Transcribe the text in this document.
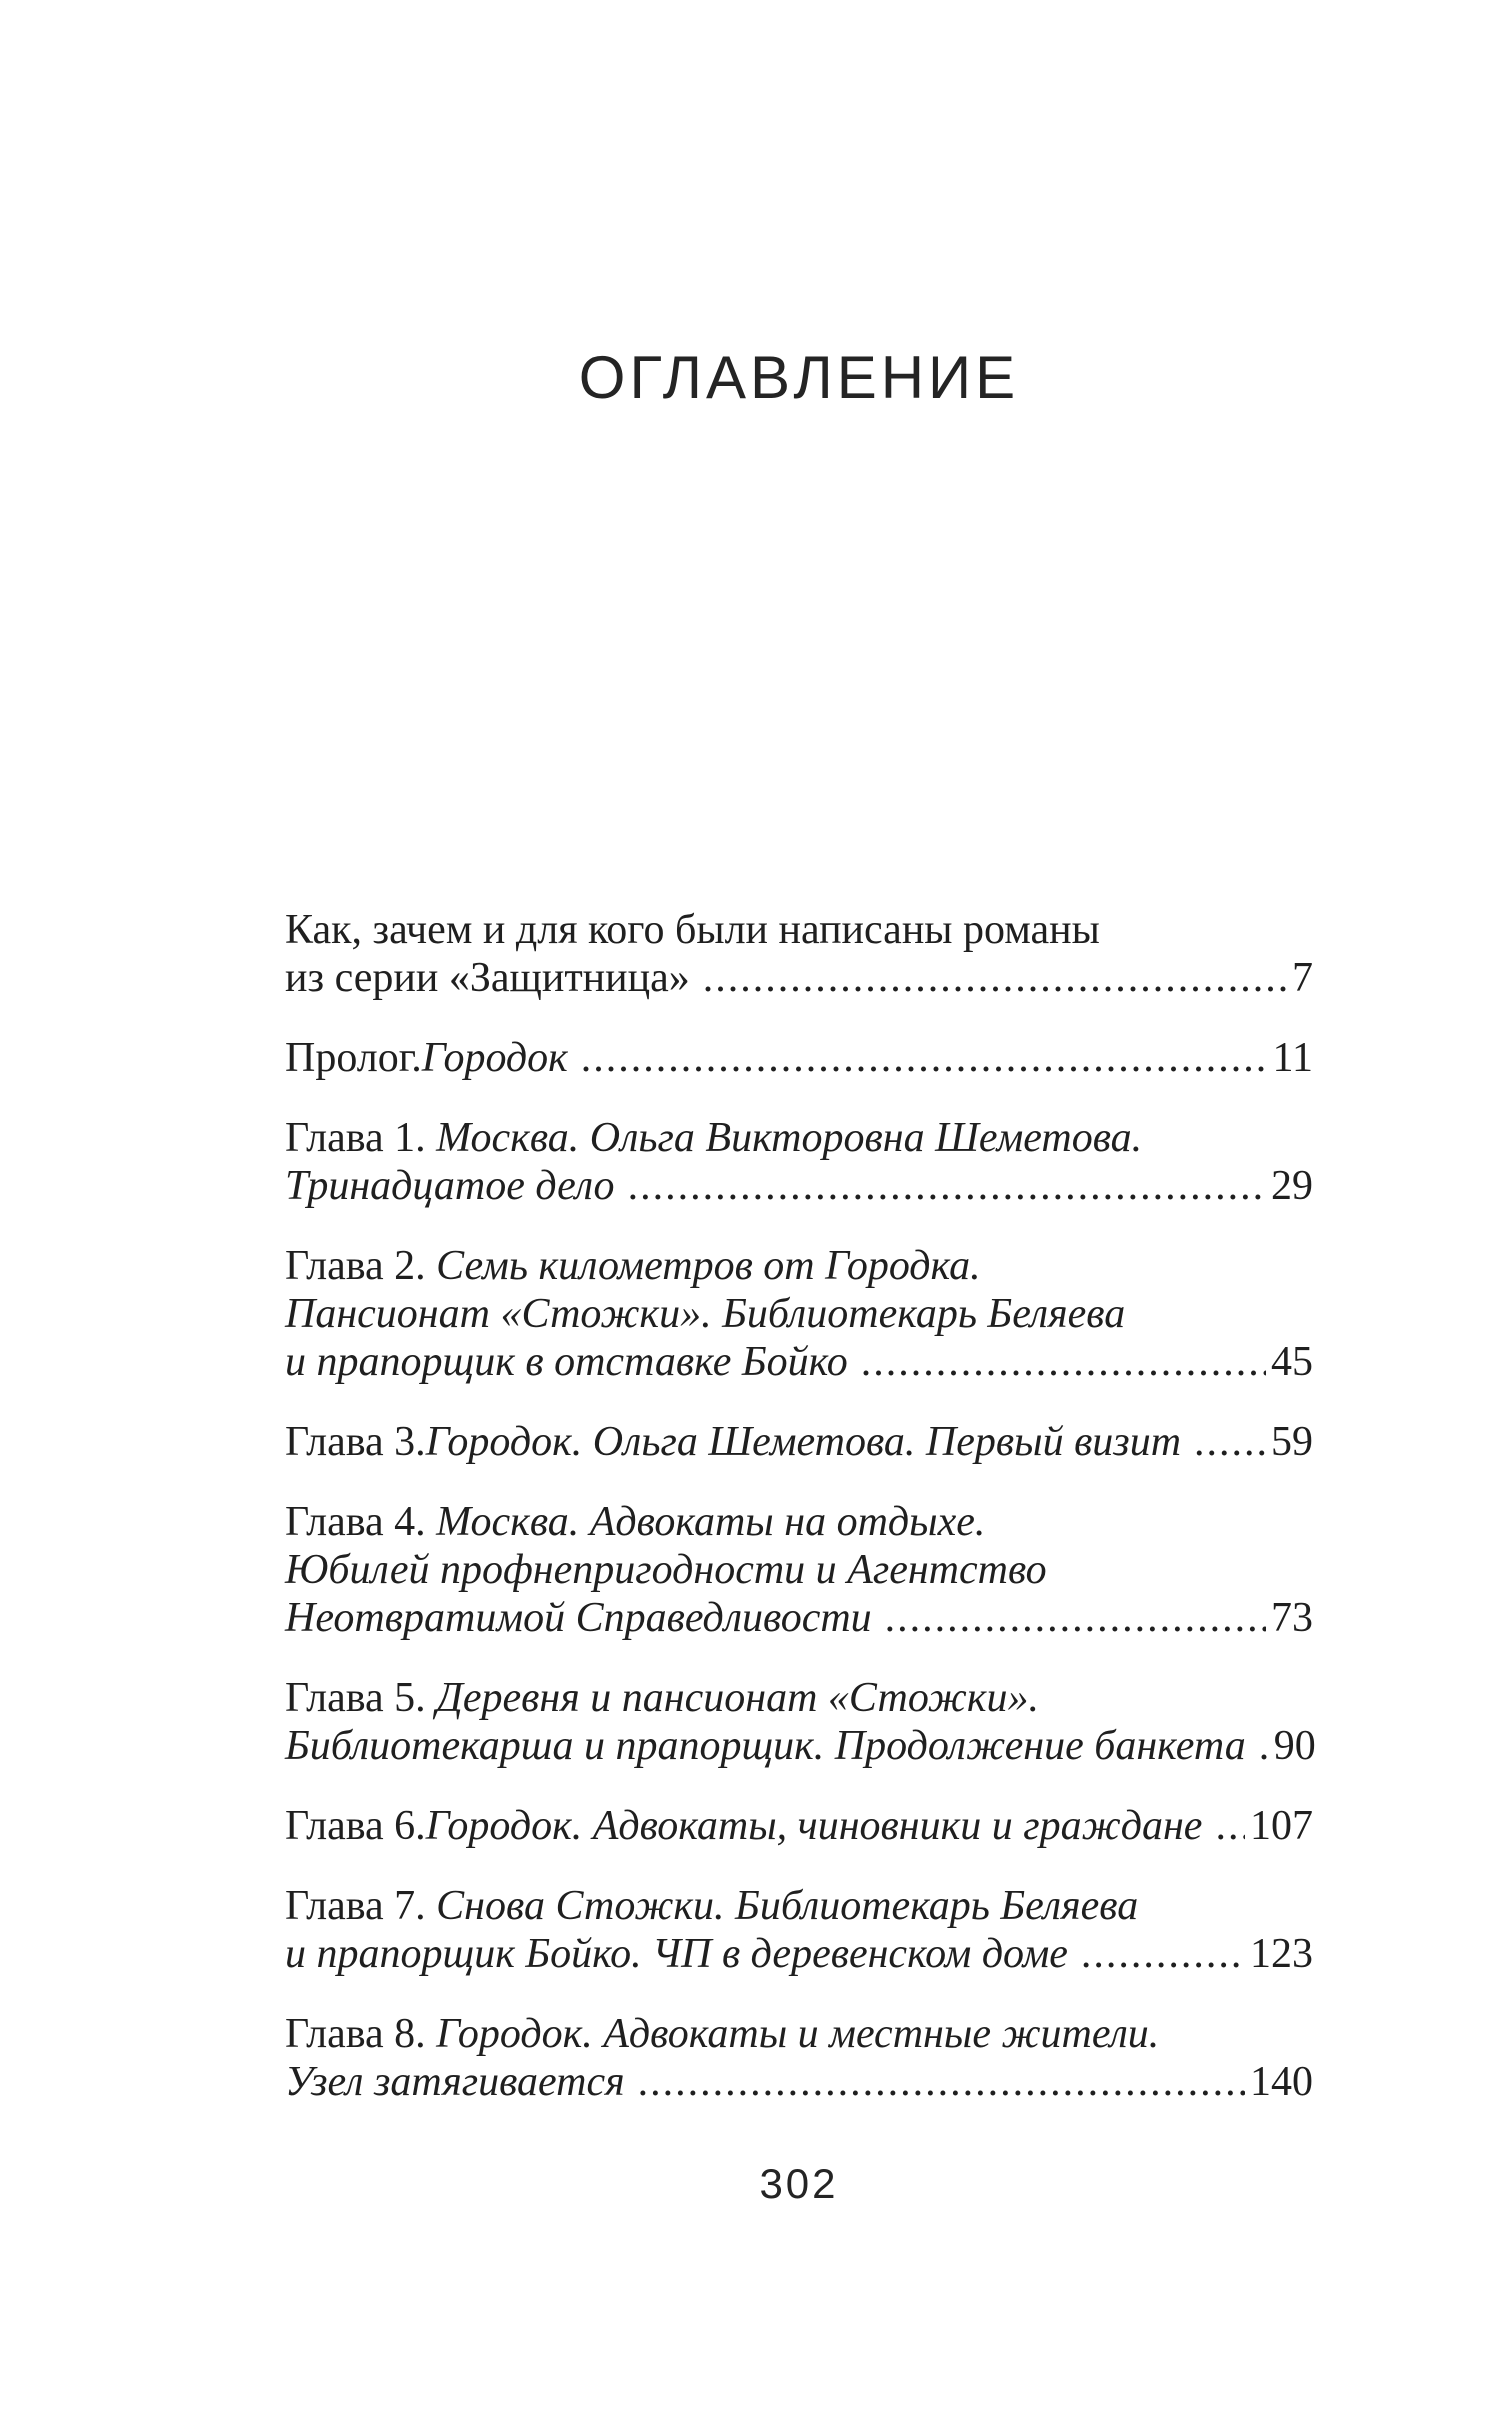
ОГЛАВЛЕНИЕ
Как, зачем и для кого были написаны романы
из серии «Защитница» .....	7
Пролог. Городок .....	11
Глава 1. Москва. Ольга Викторовна Шеметова.
Тринадцатое дело .....	29
Глава 2. Семь километров от Городка.
Пансионат «Стожки». Библиотекарь Беляева
и прапорщик в отставке Бойко .....	45
Глава 3. Городок. Ольга Шеметова. Первый визит ..... 59
Глава 4. Москва. Адвокаты на отдыхе.
Юбилей профнепригодности и Агентство
Неотвратимой Справедливости .....	73
Глава 5. Деревня и пансионат «Стожки».
Библиотекарша и прапорщик. Продолжение банкета ..... 90
Глава 6. Городок. Адвокаты, чиновники и граждане ..... 107
Глава 7. Снова Стожки. Библиотекарь Беляева
и прапорщик Бойко. ЧП в деревенском доме .....	123
Глава 8. Городок. Адвокаты и местные жители.
Узел затягивается .....	140
302
